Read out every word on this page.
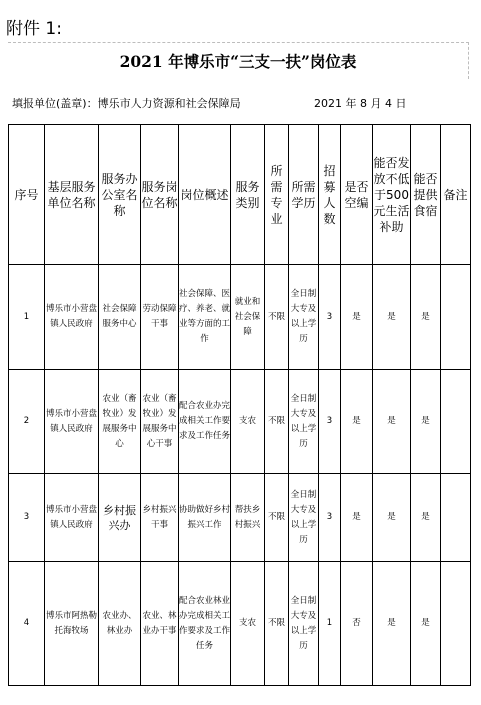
附件 1:
2021 年博乐市“三支一扶”岗位表
填报单位(盖章)：博乐市人力资源和社会保障局	2021 年 8 月 4 日
序号	基层服务单位名称	服务办公室名称	服务岗位名称	岗位概述	服务类别	所需专业	所需学历	招募人数	是否空编	能否发放不低于500元生活补助	能否提供食宿	备注
1	博乐市小营盘镇人民政府	社会保障服务中心	劳动保障干事	社会保障、医疗、养老、就业等方面的工作	就业和社会保障	不限	全日制大专及以上学历	3	是	是	是	
2	博乐市小营盘镇人民政府	农业（畜牧业）发展服务中心	农业（畜牧业）发展服务中心干事	配合农业办完成相关工作要求及工作任务	支农	不限	全日制大专及以上学历	3	是	是	是	
3	博乐市小营盘镇人民政府	乡村振兴办	乡村振兴干事	协助做好乡村振兴工作	帮扶乡村振兴	不限	全日制大专及以上学历	3	是	是	是	
4	博乐市阿热勒托海牧场	农业办、林业办	农业、林业办干事	配合农业林业办完成相关工作要求及工作任务	支农	不限	全日制大专及以上学历	1	否	是	是	
